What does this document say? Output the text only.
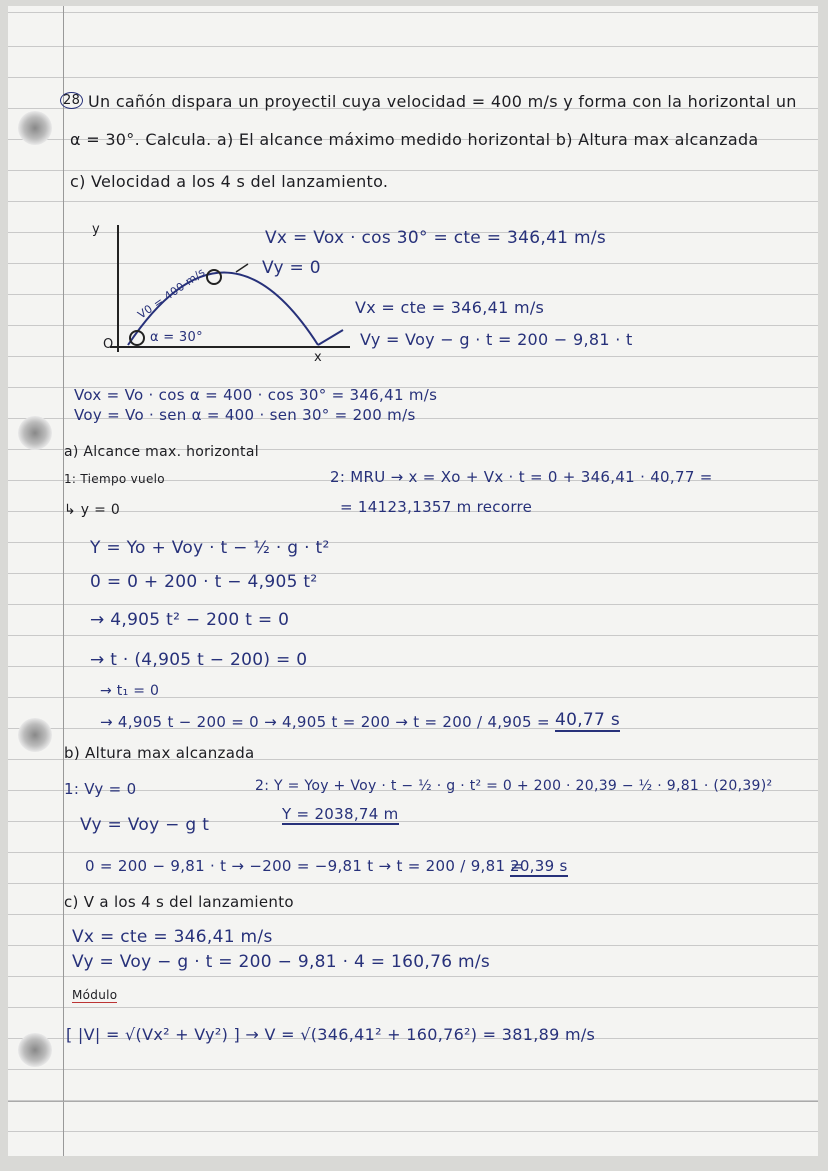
28 Un cañón dispara un proyectil cuya velocidad = 400 m/s y forma con la horizontal un
α = 30°. Calcula. a) El alcance máximo medido horizontal b) Altura max alcanzada
c) Velocidad a los 4 s del lanzamiento.
y
O
x
V0 = 400 m/s
α = 30°
Vx = Vox · cos 30° = cte = 346,41 m/s
Vy = 0
Vx = cte = 346,41 m/s
Vy = Voy − g · t = 200 − 9,81 · t
Vox = Vo · cos α = 400 · cos 30° = 346,41 m/s
Voy = Vo · sen α = 400 · sen 30° = 200 m/s
a) Alcance max. horizontal
1: Tiempo vuelo
↳ y = 0
2: MRU → x = Xo + Vx · t = 0 + 346,41 · 40,77 =
= 14123,1357 m recorre
Y = Yo + Voy · t − ½ · g · t²
0 = 0 + 200 · t − 4,905 t²
→ 4,905 t² − 200 t = 0
→ t · (4,905 t − 200) = 0
→ t₁ = 0
→ 4,905 t − 200 = 0 → 4,905 t = 200 → t = 200 / 4,905 = 40,77 s
b) Altura max alcanzada
1: Vy = 0	2: Y = Yoy + Voy · t − ½ · g · t² = 0 + 200 · 20,39 − ½ · 9,81 · (20,39)²
Y = 2038,74 m
Vy = Voy − g t
0 = 200 − 9,81 · t → −200 = −9,81 t → t = 200 / 9,81 =
20,39 s
c) V a los 4 s del lanzamiento
Vx = cte = 346,41 m/s
Vy = Voy − g · t = 200 − 9,81 · 4 = 160,76 m/s
Módulo
[ |V| = √(Vx² + Vy²) ] → V = √(346,41² + 160,76²) = 381,89 m/s
